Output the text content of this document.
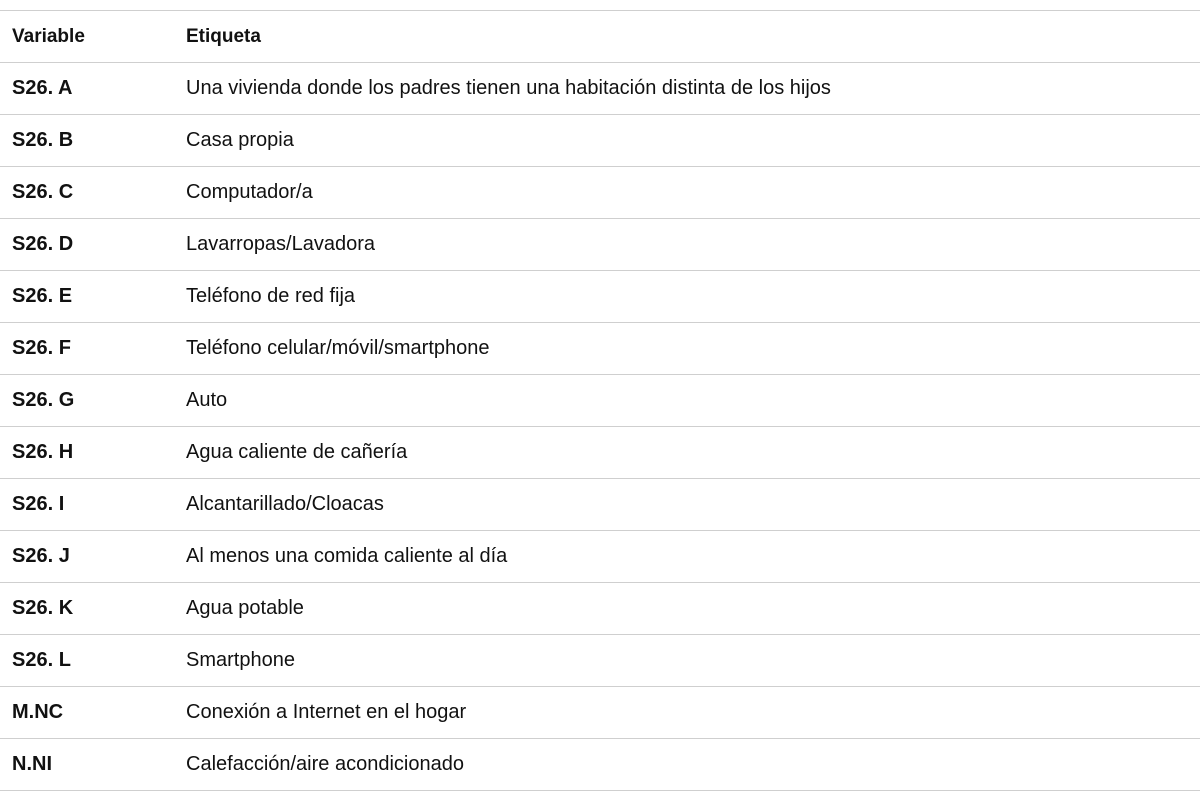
Variable	Etiqueta
S26. A	Una vivienda donde los padres tienen una habitación distinta de los hijos
S26. B	Casa propia
S26. C	Computador/a
S26. D	Lavarropas/Lavadora
S26. E	Teléfono de red fija
S26. F	Teléfono celular/móvil/smartphone
S26. G	Auto
S26. H	Agua caliente de cañería
S26. I	Alcantarillado/Cloacas
S26. J	Al menos una comida caliente al día
S26. K	Agua potable
S26. L	Smartphone
M.NC	Conexión a Internet en el hogar
N.NI	Calefacción/aire acondicionado
